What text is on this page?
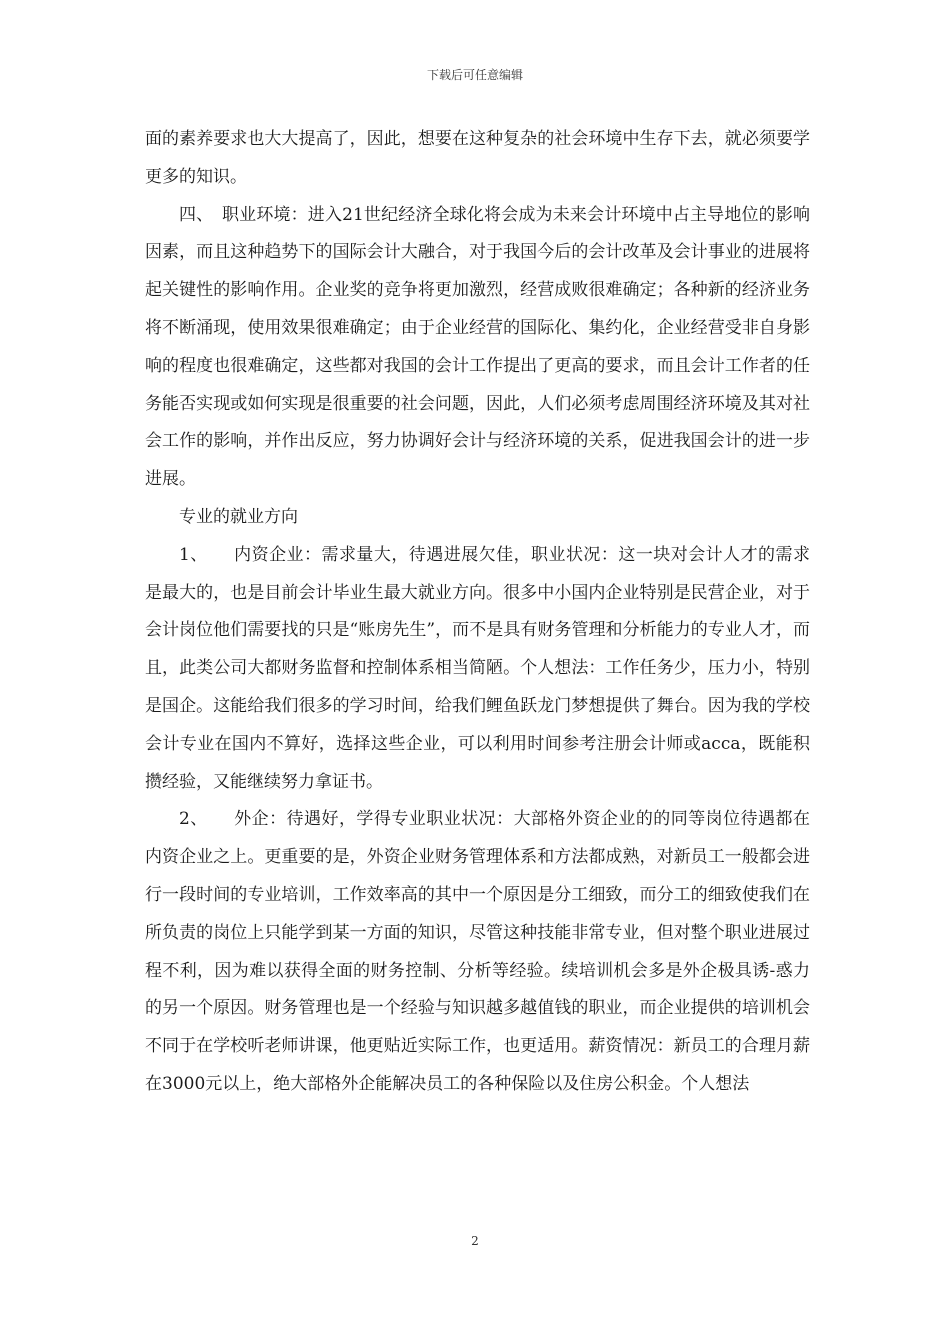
下载后可任意编辑

面的素养要求也大大提高了，因此，想要在这种复杂的社会环境中生存下去，就必须要学更多的知识。

四、　职业环境：进入21世纪经济全球化将会成为未来会计环境中占主导地位的影响因素，而且这种趋势下的国际会计大融合，对于我国今后的会计改革及会计事业的进展将起关键性的影响作用。企业奖的竞争将更加激烈，经营成败很难确定；各种新的经济业务将不断涌现，使用效果很难确定；由于企业经营的国际化、集约化，企业经营受非自身影响的程度也很难确定，这些都对我国的会计工作提出了更高的要求，而且会计工作者的任务能否实现或如何实现是很重要的社会问题，因此，人们必须考虑周围经济环境及其对社会工作的影响，并作出反应，努力协调好会计与经济环境的关系，促进我国会计的进一步进展。

专业的就业方向

1、　　内资企业：需求量大，待遇进展欠佳，职业状况：这一块对会计人才的需求是最大的，也是目前会计毕业生最大就业方向。很多中小国内企业特别是民营企业，对于会计岗位他们需要找的只是“账房先生”，而不是具有财务管理和分析能力的专业人才，而且，此类公司大都财务监督和控制体系相当简陋。个人想法：工作任务少，压力小，特别是国企。这能给我们很多的学习时间，给我们鲤鱼跃龙门梦想提供了舞台。因为我的学校会计专业在国内不算好，选择这些企业，可以利用时间参考注册会计师或acca，既能积攒经验，又能继续努力拿证书。

2、　　外企：待遇好，学得专业职业状况：大部格外资企业的的同等岗位待遇都在内资企业之上。更重要的是，外资企业财务管理体系和方法都成熟，对新员工一般都会进行一段时间的专业培训，工作效率高的其中一个原因是分工细致，而分工的细致使我们在所负责的岗位上只能学到某一方面的知识，尽管这种技能非常专业，但对整个职业进展过程不利，因为难以获得全面的财务控制、分析等经验。续培训机会多是外企极具诱-惑力的另一个原因。财务管理也是一个经验与知识越多越值钱的职业，而企业提供的培训机会不同于在学校听老师讲课，他更贴近实际工作，也更适用。薪资情况：新员工的合理月薪在3000元以上，绝大部格外企能解决员工的各种保险以及住房公积金。个人想法

2
